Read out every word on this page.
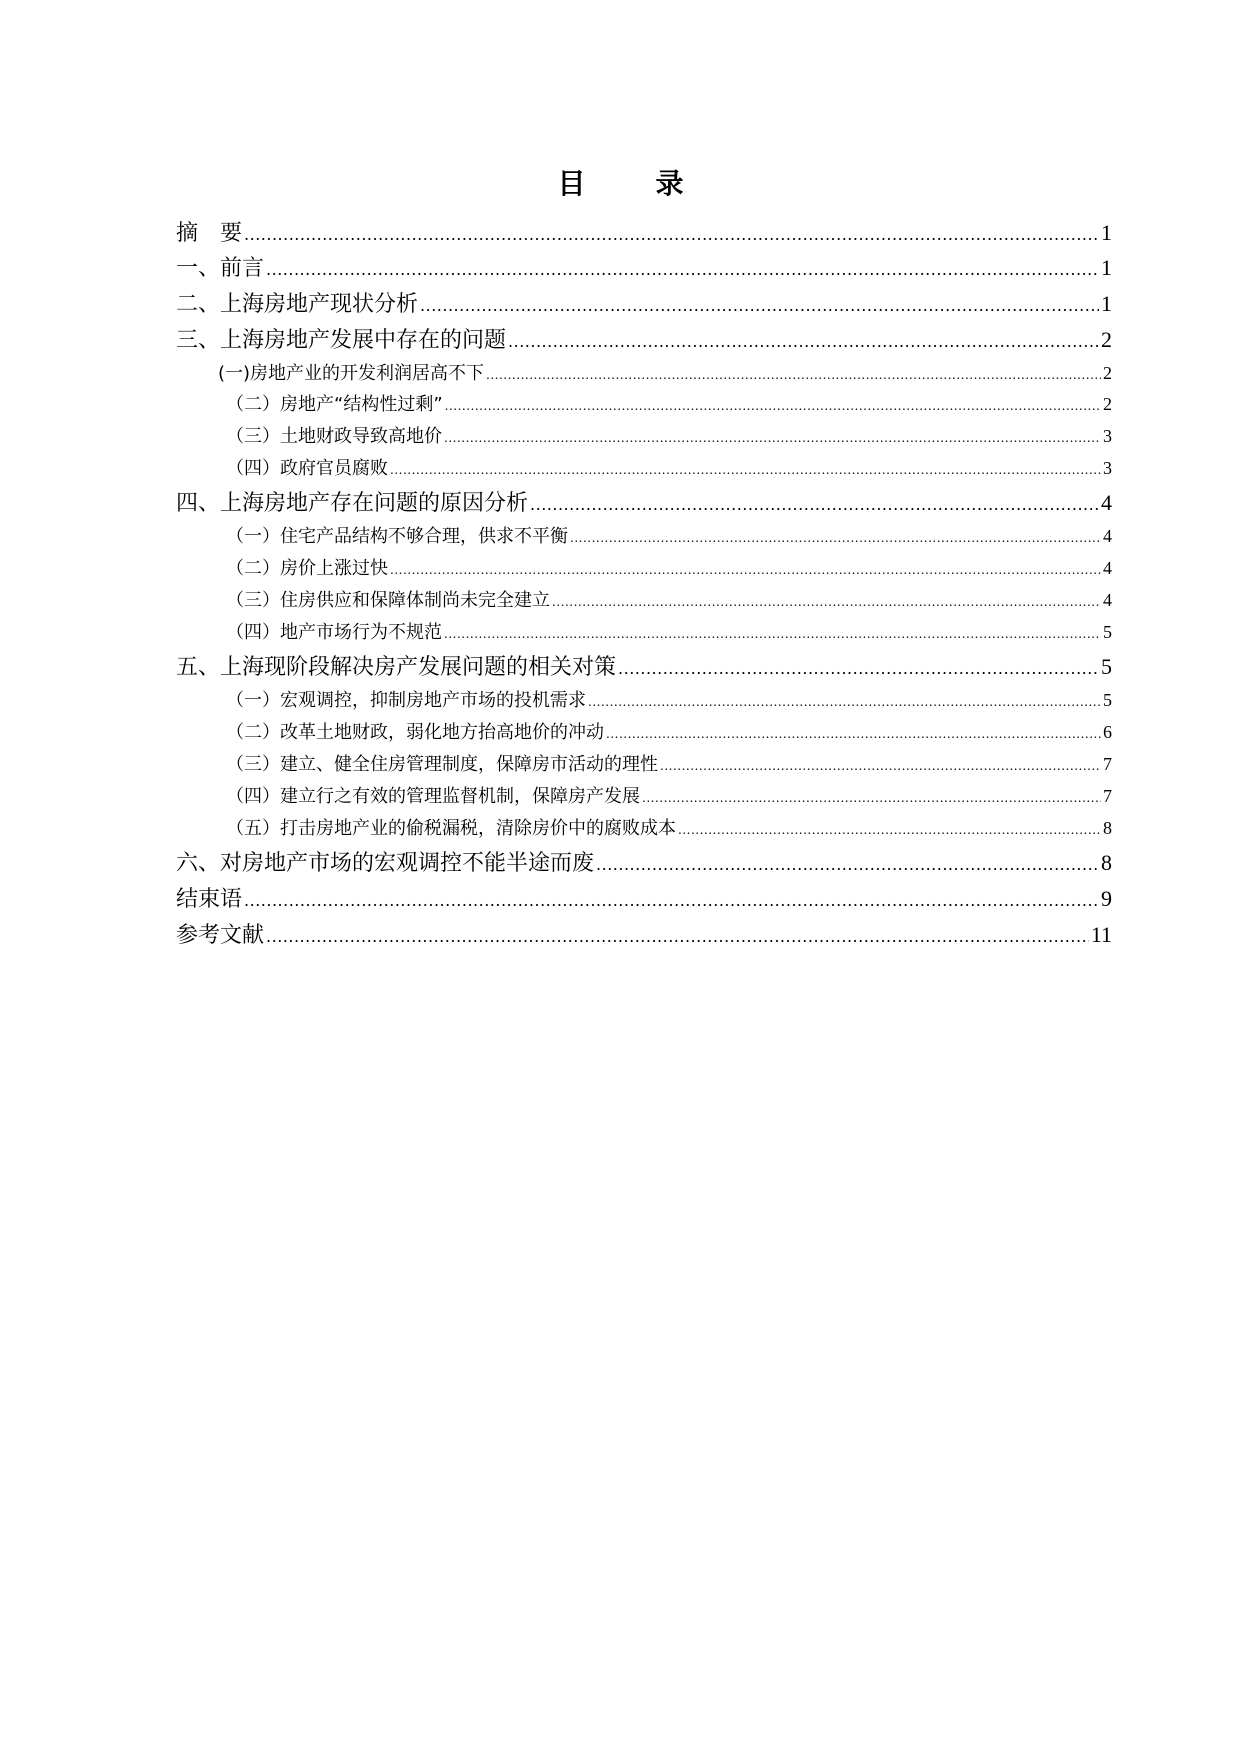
目	录
摘　要 .....	1
一、前言 .....	1
二、上海房地产现状分析 .....	1
三、上海房地产发展中存在的问题 .....	2
(一)房地产业的开发利润居高不下 .....	2
（二）房地产“结构性过剩” .....	2
（三）土地财政导致高地价 .....	3
（四）政府官员腐败 .....	3
四、上海房地产存在问题的原因分析 .....	4
（一）住宅产品结构不够合理，供求不平衡 .....	4
（二）房价上涨过快 .....	4
（三）住房供应和保障体制尚未完全建立 .....	4
（四）地产市场行为不规范 .....	5
五、上海现阶段解决房产发展问题的相关对策 .....	5
（一）宏观调控，抑制房地产市场的投机需求 .....	5
（二）改革土地财政，弱化地方抬高地价的冲动 .....	6
（三）建立、健全住房管理制度，保障房市活动的理性 .....	7
（四）建立行之有效的管理监督机制，保障房产发展 .....	7
（五）打击房地产业的偷税漏税，清除房价中的腐败成本 .....	8
六、对房地产市场的宏观调控不能半途而废 .....	8
结束语 .....	9
参考文献 .....	11
